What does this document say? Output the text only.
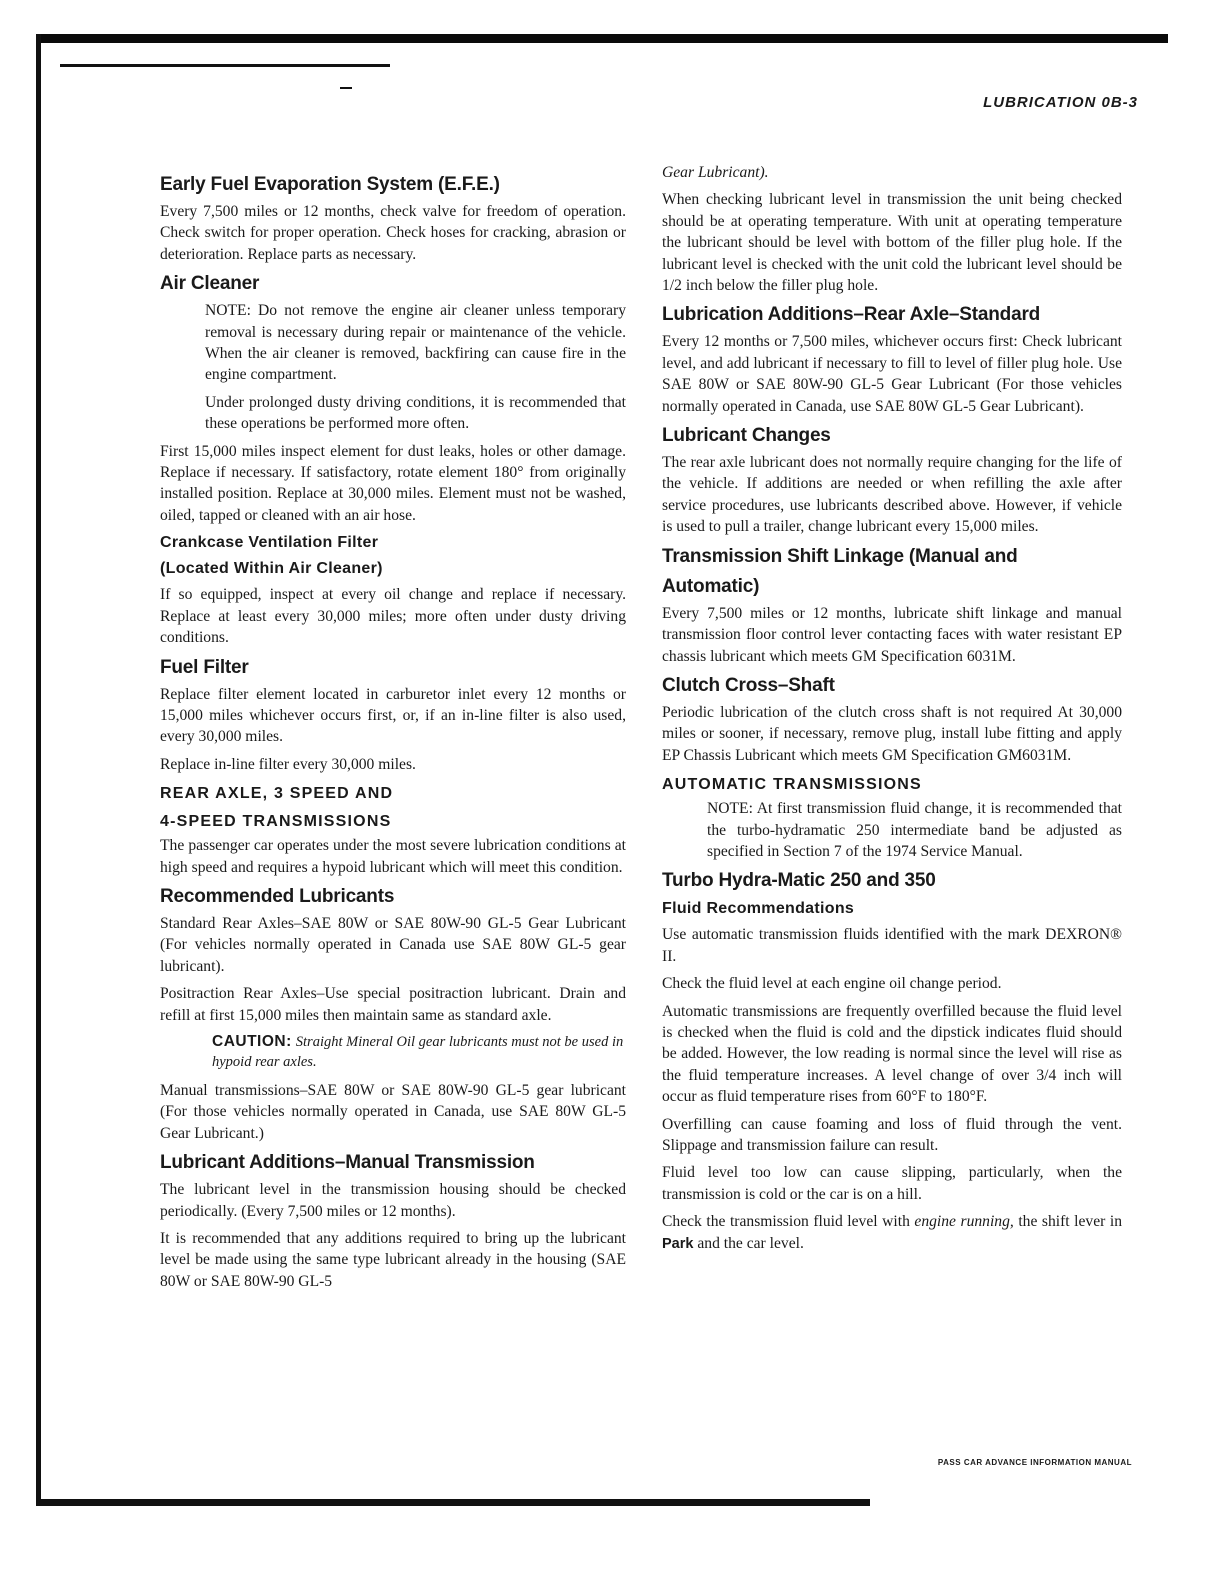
LUBRICATION 0B-3
Early Fuel Evaporation System (E.F.E.)

Every 7,500 miles or 12 months, check valve for freedom of operation. Check switch for proper operation. Check hoses for cracking, abrasion or deterioration. Replace parts as necessary.

Air Cleaner

NOTE: Do not remove the engine air cleaner unless temporary removal is necessary during repair or maintenance of the vehicle. When the air cleaner is removed, backfiring can cause fire in the engine compartment.

Under prolonged dusty driving conditions, it is recommended that these operations be performed more often.

First 15,000 miles inspect element for dust leaks, holes or other damage. Replace if necessary. If satisfactory, rotate element 180° from originally installed position. Replace at 30,000 miles. Element must not be washed, oiled, tapped or cleaned with an air hose.

Crankcase Ventilation Filter
(Located Within Air Cleaner)

If so equipped, inspect at every oil change and replace if necessary. Replace at least every 30,000 miles; more often under dusty driving conditions.

Fuel Filter

Replace filter element located in carburetor inlet every 12 months or 15,000 miles whichever occurs first, or, if an in-line filter is also used, every 30,000 miles.

Replace in-line filter every 30,000 miles.

REAR AXLE, 3 SPEED AND
4-SPEED TRANSMISSIONS

The passenger car operates under the most severe lubrication conditions at high speed and requires a hypoid lubricant which will meet this condition.

Recommended Lubricants

Standard Rear Axles–SAE 80W or SAE 80W-90 GL-5 Gear Lubricant (For vehicles normally operated in Canada use SAE 80W GL-5 gear lubricant).

Positraction Rear Axles–Use special positraction lubricant. Drain and refill at first 15,000 miles then maintain same as standard axle.

CAUTION: Straight Mineral Oil gear lubricants must not be used in hypoid rear axles.

Manual transmissions–SAE 80W or SAE 80W-90 GL-5 gear lubricant (For those vehicles normally operated in Canada, use SAE 80W GL-5 Gear Lubricant.)

Lubricant Additions–Manual Transmission

The lubricant level in the transmission housing should be checked periodically. (Every 7,500 miles or 12 months).

It is recommended that any additions required to bring up the lubricant level be made using the same type lubricant already in the housing (SAE 80W or SAE 80W-90 GL-5

Gear Lubricant).

When checking lubricant level in transmission the unit being checked should be at operating temperature. With unit at operating temperature the lubricant should be level with bottom of the filler plug hole. If the lubricant level is checked with the unit cold the lubricant level should be 1/2 inch below the filler plug hole.

Lubrication Additions–Rear Axle–Standard

Every 12 months or 7,500 miles, whichever occurs first: Check lubricant level, and add lubricant if necessary to fill to level of filler plug hole. Use SAE 80W or SAE 80W-90 GL-5 Gear Lubricant (For those vehicles normally operated in Canada, use SAE 80W GL-5 Gear Lubricant).

Lubricant Changes

The rear axle lubricant does not normally require changing for the life of the vehicle. If additions are needed or when refilling the axle after service procedures, use lubricants described above. However, if vehicle is used to pull a trailer, change lubricant every 15,000 miles.

Transmission Shift Linkage (Manual and
Automatic)

Every 7,500 miles or 12 months, lubricate shift linkage and manual transmission floor control lever contacting faces with water resistant EP chassis lubricant which meets GM Specification 6031M.

Clutch Cross–Shaft

Periodic lubrication of the clutch cross shaft is not required At 30,000 miles or sooner, if necessary, remove plug, install lube fitting and apply EP Chassis Lubricant which meets GM Specification GM6031M.

AUTOMATIC TRANSMISSIONS

NOTE: At first transmission fluid change, it is recommended that the turbo-hydramatic 250 intermediate band be adjusted as specified in Section 7 of the 1974 Service Manual.

Turbo Hydra-Matic 250 and 350
Fluid Recommendations

Use automatic transmission fluids identified with the mark DEXRON® II.

Check the fluid level at each engine oil change period.

Automatic transmissions are frequently overfilled because the fluid level is checked when the fluid is cold and the dipstick indicates fluid should be added. However, the low reading is normal since the level will rise as the fluid temperature increases. A level change of over 3/4 inch will occur as fluid temperature rises from 60°F to 180°F.

Overfilling can cause foaming and loss of fluid through the vent. Slippage and transmission failure can result.

Fluid level too low can cause slipping, particularly, when the transmission is cold or the car is on a hill.

Check the transmission fluid level with engine running, the shift lever in Park and the car level.

PASS CAR ADVANCE INFORMATION MANUAL
